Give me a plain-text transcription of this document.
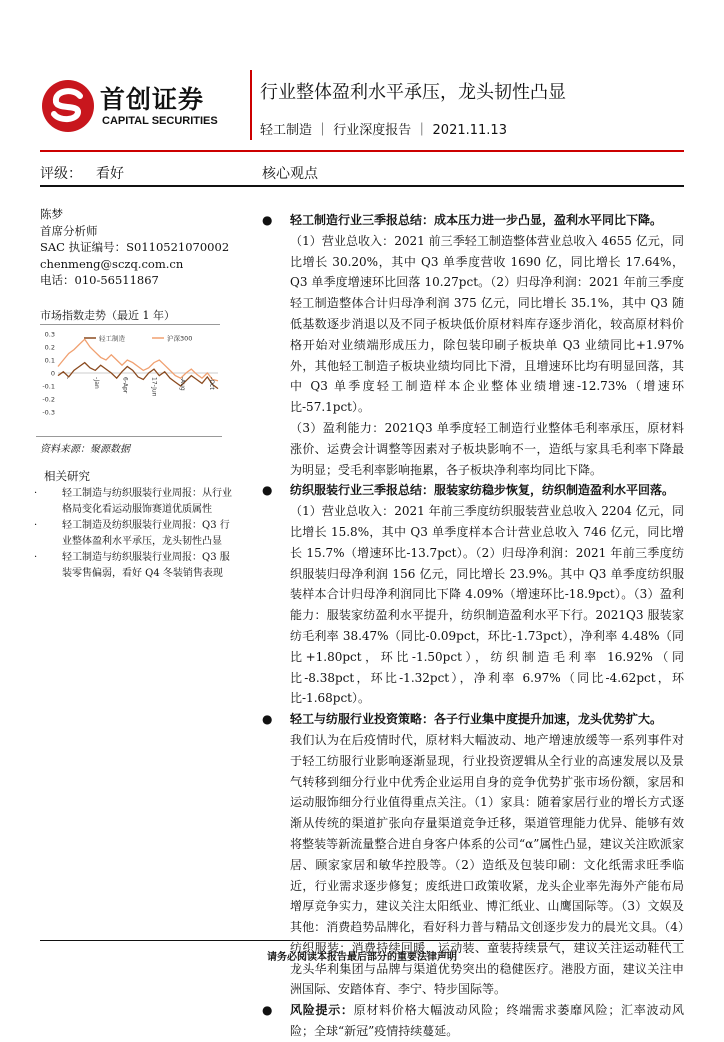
首创证券
CAPITAL SECURITIES
行业整体盈利水平承压，龙头韧性凸显
轻工制造 ｜ 行业深度报告 ｜ 2021.11.13
评级： 看好	核心观点
陈梦
首席分析师
SAC 执证编号：S0110521070002
chenmeng@sczq.com.cn
电话：010-56511867
市场指数走势（最近 1 年）
0.3
0.2
0.1
0
-0.1
-0.2
-0.3
轻工制造	沪深300
-	-Jan	6-Apr	17-Jun	-Aug	-Oct
资料来源：聚源数据
相关研究
· 轻工制造与纺织服装行业周报：从行业格局变化看运动服饰赛道优质属性
· 轻工制造及纺织服装行业周报：Q3 行业整体盈利水平承压，龙头韧性凸显
· 轻工制造与纺织服装行业周报：Q3 服装零售偏弱，看好 Q4 冬装销售表现
● 轻工制造行业三季报总结：成本压力进一步凸显，盈利水平同比下降。

（1）营业总收入：2021 前三季轻工制造整体营业总收入 4655 亿元，同比增长 30.20%，其中 Q3 单季度营收 1690 亿，同比增长 17.64%，Q3 单季度增速环比回落 10.27pct。（2）归母净利润：2021 年前三季度轻工制造整体合计归母净利润 375 亿元，同比增长 35.1%，其中 Q3 随低基数逐步消退以及不同子板块低价原材料库存逐步消化，较高原材料价格开始对业绩端形成压力，除包装印刷子板块单 Q3 业绩同比+1.97%外，其他轻工制造子板块业绩均同比下滑，且增速环比均有明显回落，其中 Q3 单季度轻工制造样本企业整体业绩增速-12.73%（增速环比-57.1pct）。

（3）盈利能力：2021Q3 单季度轻工制造行业整体毛利率承压，原材料涨价、运费会计调整等因素对子板块影响不一，造纸与家具毛利率下降最为明显；受毛利率影响拖累，各子板块净利率均同比下降。

● 纺织服装行业三季报总结：服装家纺稳步恢复，纺织制造盈利水平回落。

（1）营业总收入：2021 年前三季度纺织服装营业总收入 2204 亿元，同比增长 15.8%，其中 Q3 单季度样本合计营业总收入 746 亿元，同比增长 15.7%（增速环比-13.7pct）。（2）归母净利润：2021 年前三季度纺织服装归母净利润 156 亿元，同比增长 23.9%。其中 Q3 单季度纺织服装样本合计归母净利润同比下降 4.09%（增速环比-18.9pct）。（3）盈利能力：服装家纺盈利水平提升，纺织制造盈利水平下行。2021Q3 服装家纺毛利率 38.47%（同比-0.09pct，环比-1.73pct），净利率 4.48%（同比+1.80pct，环比-1.50pct），纺织制造毛利率 16.92%（同比-8.38pct，环比-1.32pct），净利率 6.97%（同比-4.62pct，环比-1.68pct）。

● 轻工与纺服行业投资策略：各子行业集中度提升加速，龙头优势扩大。

我们认为在后疫情时代，原材料大幅波动、地产增速放缓等一系列事件对于轻工纺服行业影响逐渐显现，行业投资逻辑从全行业的高速发展以及景气转移到细分行业中优秀企业运用自身的竞争优势扩张市场份额，家居和运动服饰细分行业值得重点关注。（1）家具：随着家居行业的增长方式逐渐从传统的渠道扩张向存量渠道竞争迁移，渠道管理能力优异、能够有效将整装等新流量整合进自身客户体系的公司“α”属性凸显，建议关注欧派家居、顾家家居和敏华控股等。（2）造纸及包装印刷：文化纸需求旺季临近，行业需求逐步修复；废纸进口政策收紧，龙头企业率先海外产能布局增厚竞争实力，建议关注太阳纸业、博汇纸业、山鹰国际等。（3）文娱及其他：消费趋势品牌化，看好科力普与精品文创逐步发力的晨光文具。（4）纺织服装：消费持续回暖，运动装、童装持续景气，建议关注运动鞋代工龙头华利集团与品牌与渠道优势突出的稳健医疗。港股方面，建议关注申洲国际、安踏体育、李宁、特步国际等。

● 风险提示：原材料价格大幅波动风险；终端需求萎靡风险；汇率波动风险；全球“新冠”疫情持续蔓延。

请务必阅读本报告最后部分的重要法律声明
